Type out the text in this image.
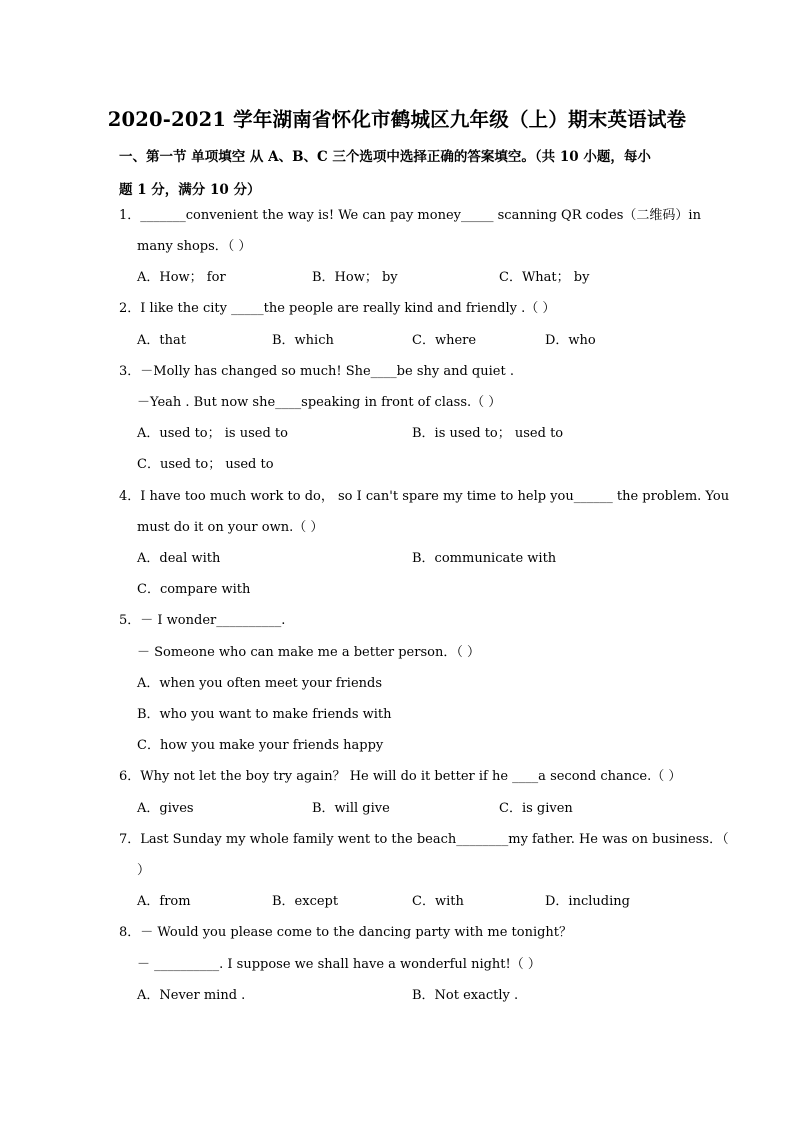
2020-2021 学年湖南省怀化市鹤城区九年级（上）期末英语试卷
一、第一节 单项填空 从 A、B、C 三个选项中选择正确的答案填空。（共 10 小题，每小
题 1 分，满分 10 分）
1．_______convenient the way is! We can pay money_____ scanning QR codes（二维码）in
many shops．（ ）
A．How； for	B．How； by	C．What； by
2．I like the city _____the people are really kind and friendly .（ ）
A．that	B．which	C．where	D．who
3．－Molly has changed so much! She____be shy and quiet .
－Yeah . But now she____speaking in front of class.（ ）
A．used to； is used to	B．is used to； used to
C．used to； used to
4．I have too much work to do， so I can't spare my time to help you______ the problem. You
must do it on your own.（ ）
A．deal with	B．communicate with
C．compare with
5．－ I wonder__________.
－ Someone who can make me a better person．（ ）
A．when you often meet your friends
B．who you want to make friends with
C．how you make your friends happy
6．Why not let the boy try again？ He will do it better if he ____a second chance.（ ）
A．gives	B．will give	C．is given
7．Last Sunday my whole family went to the beach________my father. He was on business．（
）
A．from	B．except	C．with	D．including
8．－ Would you please come to the dancing party with me tonight？
－ __________. I suppose we shall have a wonderful night!（ ）
A．Never mind .	B．Not exactly .
